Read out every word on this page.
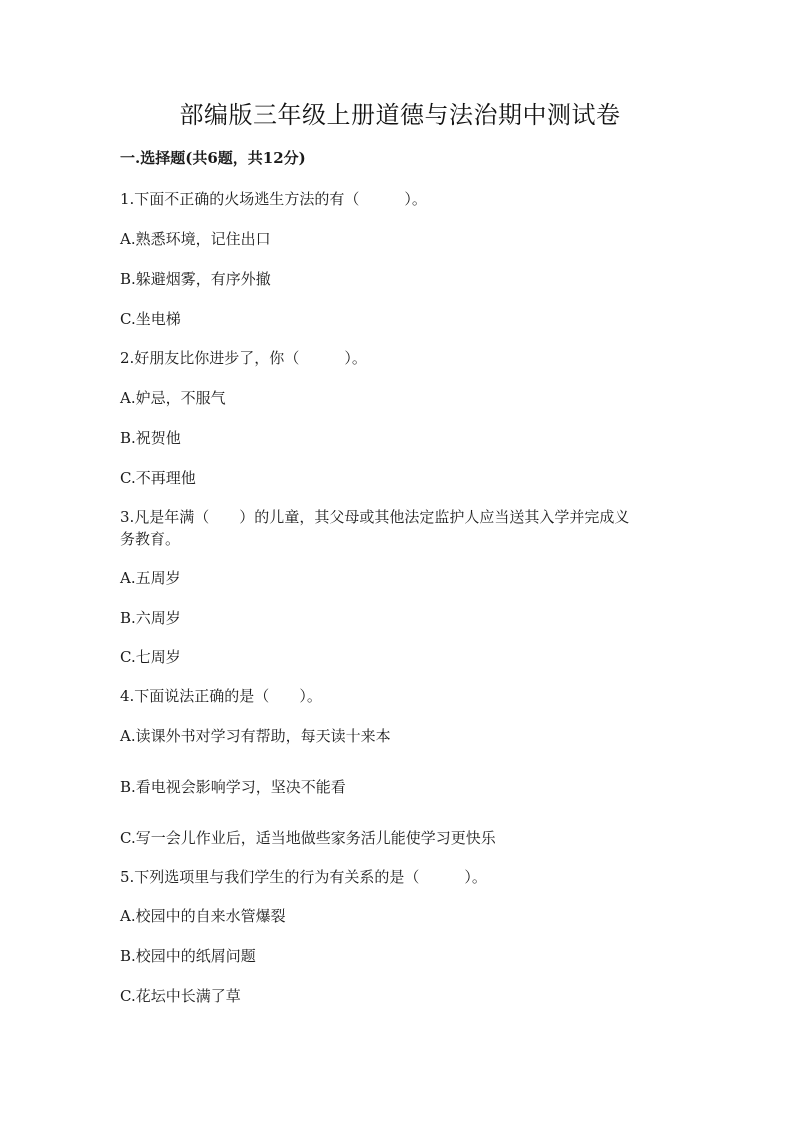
部编版三年级上册道德与法治期中测试卷
一.选择题(共6题，共12分)
1.下面不正确的火场逃生方法的有（　　　）。
A.熟悉环境，记住出口
B.躲避烟雾，有序外撤
C.坐电梯
2.好朋友比你进步了，你（　　　）。
A.妒忌，不服气
B.祝贺他
C.不再理他
3.凡是年满（　　）的儿童，其父母或其他法定监护人应当送其入学并完成义
务教育。
A.五周岁
B.六周岁
C.七周岁
4.下面说法正确的是（　　）。
A.读课外书对学习有帮助，每天读十来本
B.看电视会影响学习，坚决不能看
C.写一会儿作业后，适当地做些家务活儿能使学习更快乐
5.下列选项里与我们学生的行为有关系的是（　　　）。
A.校园中的自来水管爆裂
B.校园中的纸屑问题
C.花坛中长满了草
